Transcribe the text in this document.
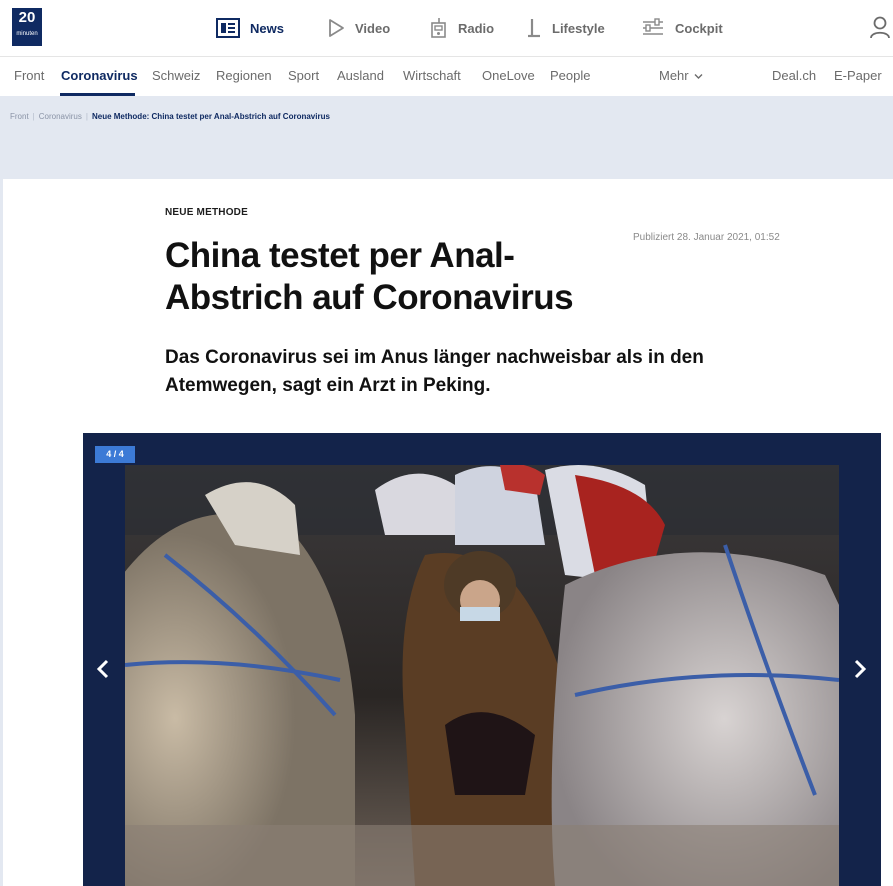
20
minuten	News	Video	Radio	Lifestyle	Cockpit
Front Coronavirus Schweiz Regionen Sport Ausland Wirtschaft OneLove People	Mehr	Deal.ch E-Paper
Front | Coronavirus | Neue Methode: China testet per Anal-Abstrich auf Coronavirus
NEUE METHODE
Publiziert 28. Januar 2021, 01:52
China testet per Anal-Abstrich auf Coronavirus

Das Coronavirus sei im Anus länger nachweisbar als in den Atemwegen, sagt ein Arzt in Peking.

4 / 4
